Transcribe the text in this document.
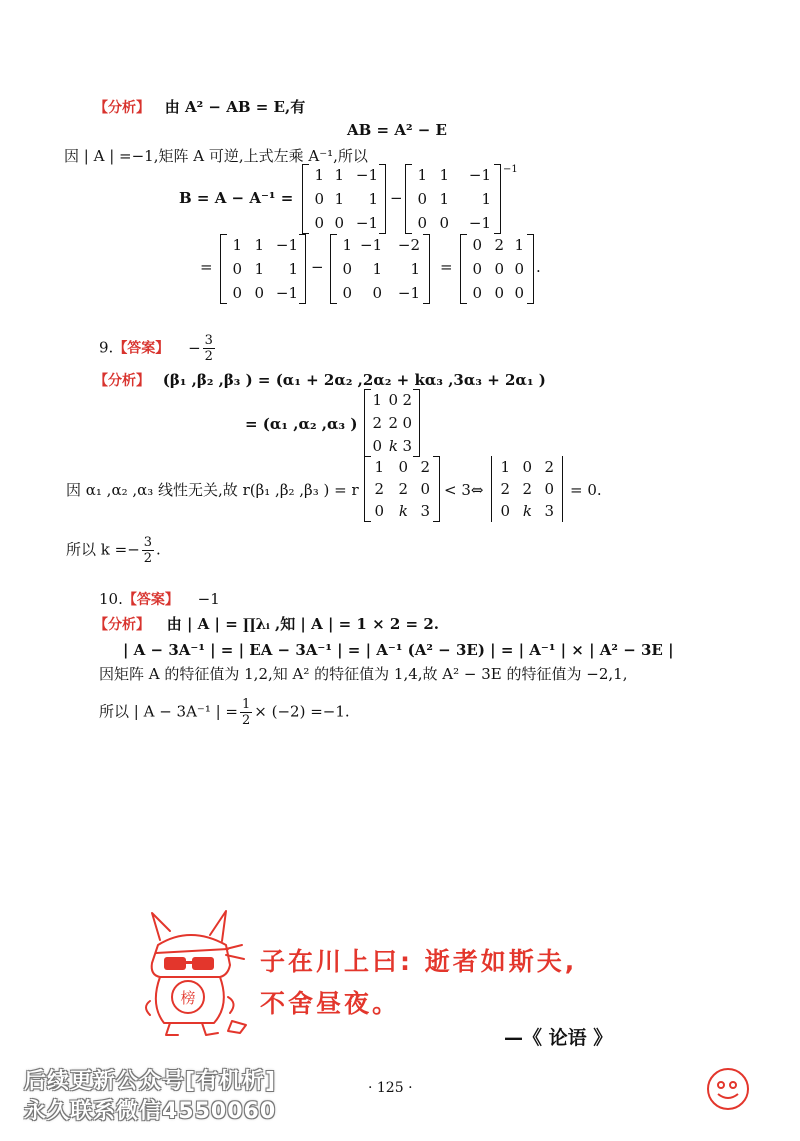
【分析】 由 A² − AB = E,有
AB = A² − E
因 | A | =−1,矩阵 A 可逆,上式左乘 A⁻¹,所以
B = A − A⁻¹ =
1 1 −1
0 1	1
0 0 −1
−
1 1	−1
0 1	1
0 0	−1
−1
=
1 1 −1
0 1	1
0 0 −1
−
1 −1	−2
0	1	1
0	0	−1
=
0 2 1
0 0 0
0 0 0
.
9.【答案】 − $\frac{3}{2}$
【分析】 (β₁ ,β₂ ,β₃ ) = (α₁ + 2α₂ ,2α₂ + kα₃ ,3α₃ + 2α₁ )
= (α₁ ,α₂ ,α₃ )
1 0 2
2 2 0
0 k 3
因 α₁ ,α₂ ,α₃ 线性无关,故 r(β₁ ,β₂ ,β₃ ) = r
1 0 2
2 2 0
0 k 3
< 3⇔
1 0 2
2 2 0
0 k 3
= 0.
所以 $k =- \frac{3}{2}$ .
10.【答案】 −1
【分析】 由 | A | = ∏λᵢ ,知 | A | = 1 × 2 = 2.
| A − 3A⁻¹ | = | EA − 3A⁻¹ | = | A⁻¹ (A² − 3E) | = | A⁻¹ | × | A² − 3E |
因矩阵 A 的特征值为 1,2,知 A² 的特征值为 1,4,故 A² − 3E 的特征值为 −2,1,
所以 | A − 3A⁻¹ | = $\frac{1}{2} \times (-2) =-1$.
榜
子在川上曰: 逝者如斯夫,
不舍昼夜。
—《 论语 》
后续更新公众号[有机析]
永久联系微信4550060
· 125 ·
